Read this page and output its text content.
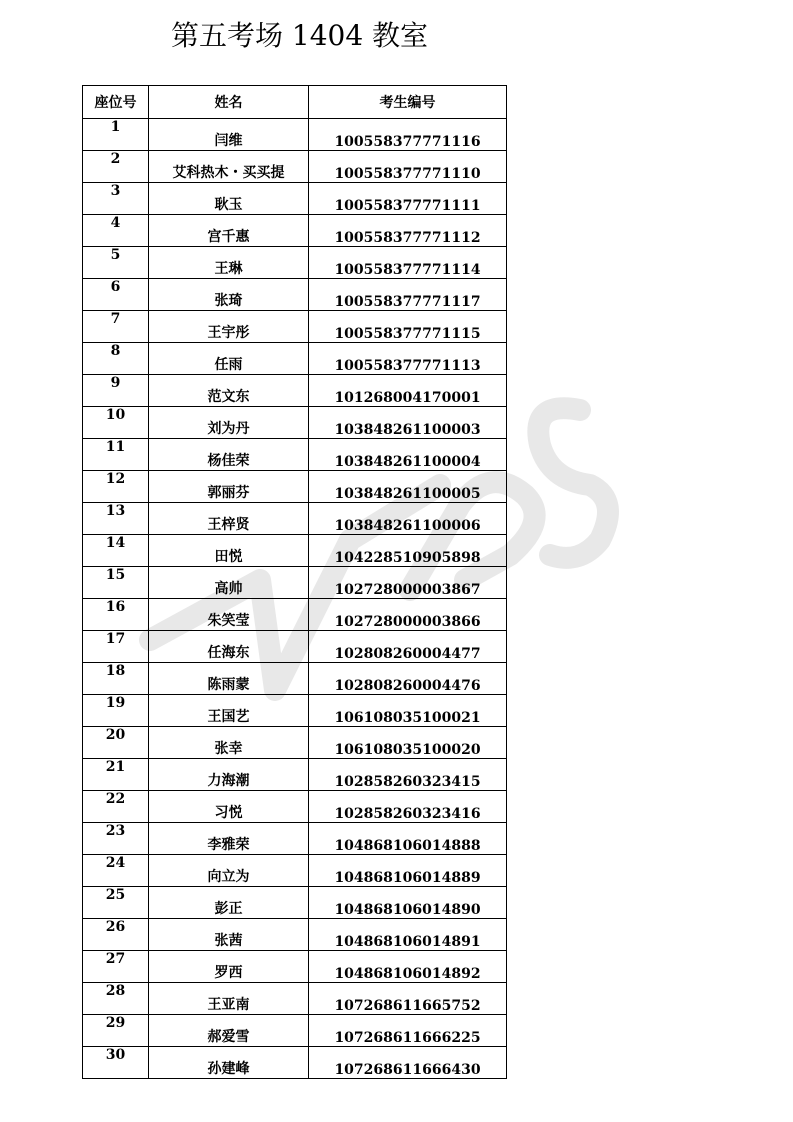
第五考场 1404 教室
座位号	姓名	考生编号
1	闫维	100558377771116
2	艾科热木・买买提	100558377771110
3	耿玉	100558377771111
4	宫千惠	100558377771112
5	王琳	100558377771114
6	张琦	100558377771117
7	王宇彤	100558377771115
8	任雨	100558377771113
9	范文东	101268004170001
10	刘为丹	103848261100003
11	杨佳荣	103848261100004
12	郭丽芬	103848261100005
13	王梓贤	103848261100006
14	田悦	104228510905898
15	高帅	102728000003867
16	朱笑莹	102728000003866
17	任海东	102808260004477
18	陈雨蒙	102808260004476
19	王国艺	106108035100021
20	张幸	106108035100020
21	力海潮	102858260323415
22	习悦	102858260323416
23	李雅荣	104868106014888
24	向立为	104868106014889
25	彭正	104868106014890
26	张茜	104868106014891
27	罗西	104868106014892
28	王亚南	107268611665752
29	郝爱雪	107268611666225
30	孙建峰	107268611666430
